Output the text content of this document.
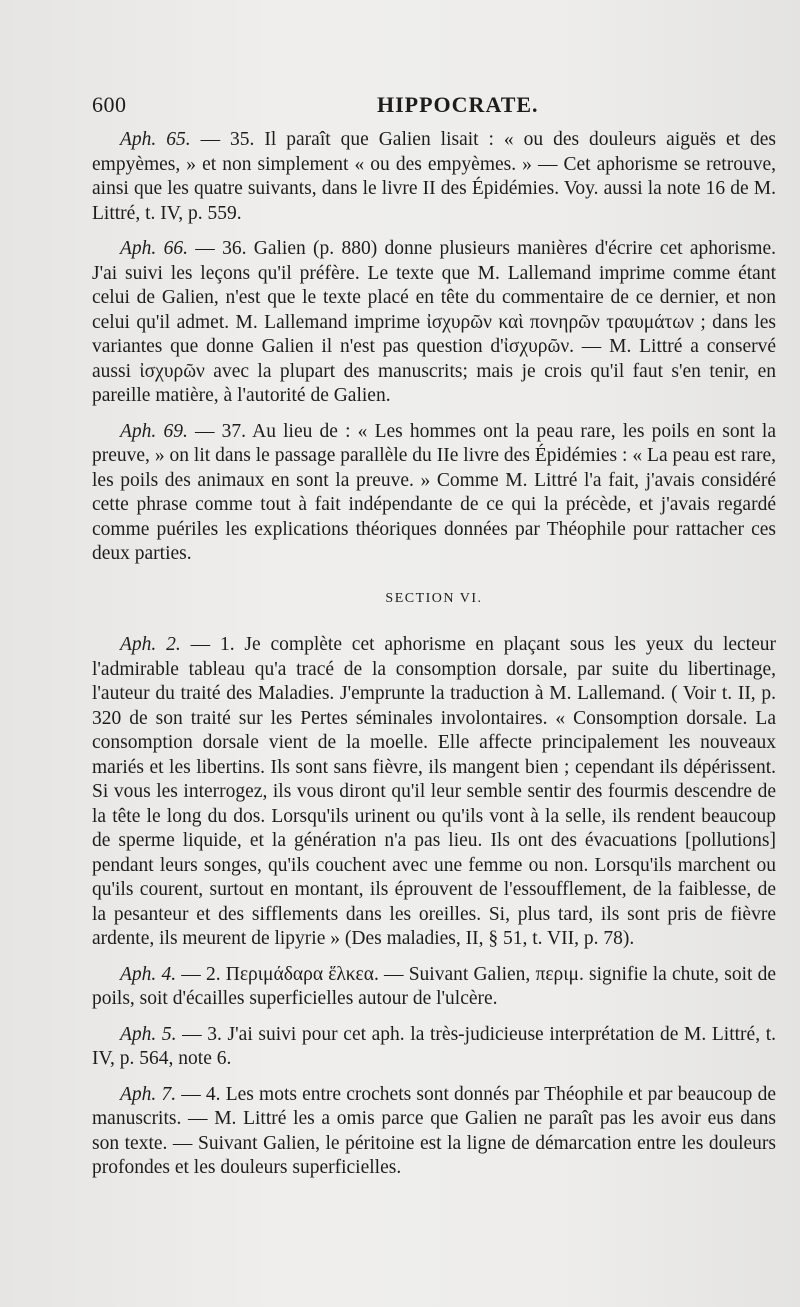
600	HIPPOCRATE.

Aph. 65. — 35. Il paraît que Galien lisait : « ou des douleurs aiguës et des empyèmes, » et non simplement « ou des empyèmes. » — Cet aphorisme se retrouve, ainsi que les quatre suivants, dans le livre II des Épidémies. Voy. aussi la note 16 de M. Littré, t. IV, p. 559.

Aph. 66. — 36. Galien (p. 880) donne plusieurs manières d'écrire cet aphorisme. J'ai suivi les leçons qu'il préfère. Le texte que M. Lallemand imprime comme étant celui de Galien, n'est que le texte placé en tête du commentaire de ce dernier, et non celui qu'il admet. M. Lallemand imprime ἰσχυρῶν καὶ πονηρῶν τραυμάτων ; dans les variantes que donne Galien il n'est pas question d'ἰσχυρῶν. — M. Littré a conservé aussi ἰσχυρῶν avec la plupart des manuscrits; mais je crois qu'il faut s'en tenir, en pareille matière, à l'autorité de Galien.

Aph. 69. — 37. Au lieu de : « Les hommes ont la peau rare, les poils en sont la preuve, » on lit dans le passage parallèle du IIe livre des Épidémies : « La peau est rare, les poils des animaux en sont la preuve. » Comme M. Littré l'a fait, j'avais considéré cette phrase comme tout à fait indépendante de ce qui la précède, et j'avais regardé comme puériles les explications théoriques données par Théophile pour rattacher ces deux parties.

SECTION VI.

Aph. 2. — 1. Je complète cet aphorisme en plaçant sous les yeux du lecteur l'admirable tableau qu'a tracé de la consomption dorsale, par suite du libertinage, l'auteur du traité des Maladies. J'emprunte la traduction à M. Lallemand. ( Voir t. II, p. 320 de son traité sur les Pertes séminales involontaires. « Consomption dorsale. La consomption dorsale vient de la moelle. Elle affecte principalement les nouveaux mariés et les libertins. Ils sont sans fièvre, ils mangent bien ; cependant ils dépérissent. Si vous les interrogez, ils vous diront qu'il leur semble sentir des fourmis descendre de la tête le long du dos. Lorsqu'ils urinent ou qu'ils vont à la selle, ils rendent beaucoup de sperme liquide, et la génération n'a pas lieu. Ils ont des évacuations [pollutions] pendant leurs songes, qu'ils couchent avec une femme ou non. Lorsqu'ils marchent ou qu'ils courent, surtout en montant, ils éprouvent de l'essoufflement, de la faiblesse, de la pesanteur et des sifflements dans les oreilles. Si, plus tard, ils sont pris de fièvre ardente, ils meurent de lipyrie » (Des maladies, II, § 51, t. VII, p. 78).

Aph. 4. — 2. Περιμάδαρα ἕλκεα. — Suivant Galien, περιμ. signifie la chute, soit de poils, soit d'écailles superficielles autour de l'ulcère.

Aph. 5. — 3. J'ai suivi pour cet aph. la très-judicieuse interprétation de M. Littré, t. IV, p. 564, note 6.

Aph. 7. — 4. Les mots entre crochets sont donnés par Théophile et par beaucoup de manuscrits. — M. Littré les a omis parce que Galien ne paraît pas les avoir eus dans son texte. — Suivant Galien, le péritoine est la ligne de démarcation entre les douleurs profondes et les douleurs superficielles.
